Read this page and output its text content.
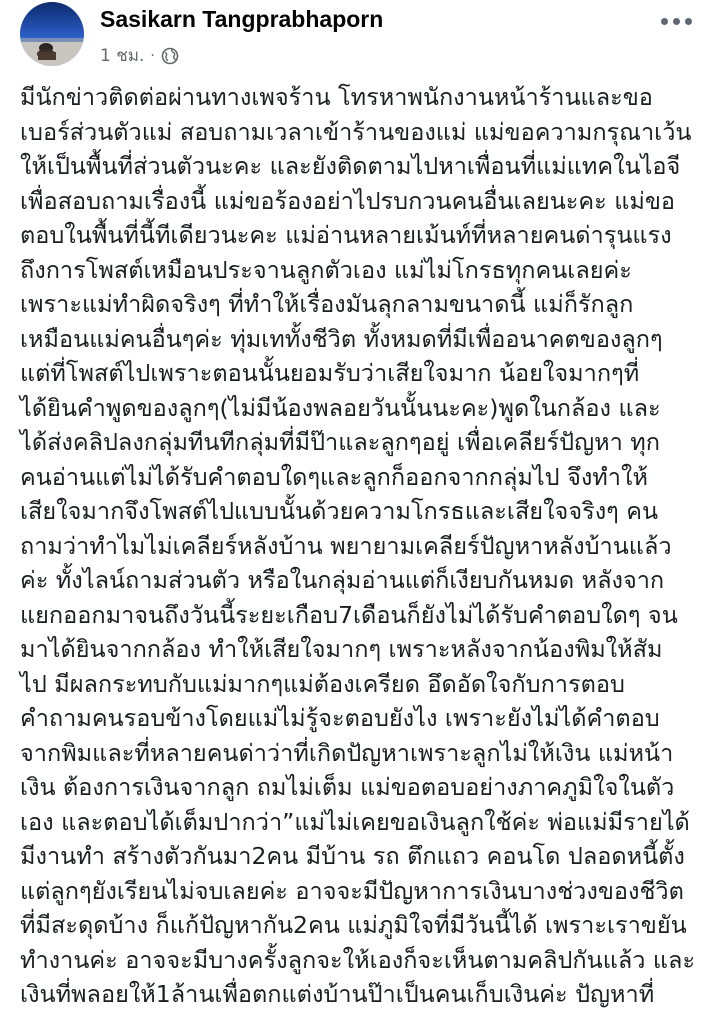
Sasikarn Tangprabhaporn
1 ชม. ·
มีนักข่าวติดต่อผ่านทางเพจร้าน โทรหาพนักงานหน้าร้านและขอ
เบอร์ส่วนตัวแม่ สอบถามเวลาเข้าร้านของแม่ แม่ขอความกรุณาเว้น
ให้เป็นพื้นที่ส่วนตัวนะคะ และยังติดตามไปหาเพื่อนที่แม่แทคในไอจี
เพื่อสอบถามเรื่องนี้ แม่ขอร้องอย่าไปรบกวนคนอื่นเลยนะคะ แม่ขอ
ตอบในพื้นที่นี้ทีเดียวนะคะ แม่อ่านหลายเม้นท์ที่หลายคนด่ารุนแรง
ถึงการโพสต์เหมือนประจานลูกตัวเอง แม่ไม่โกรธทุกคนเลยค่ะ
เพราะแม่ทำผิดจริงๆ ที่ทำให้เรื่องมันลุกลามขนาดนี้ แม่ก็รักลูก
เหมือนแม่คนอื่นๆค่ะ ทุ่มเททั้งชีวิต ทั้งหมดที่มีเพื่ออนาคตของลูกๆ
แต่ที่โพสต์ไปเพราะตอนนั้นยอมรับว่าเสียใจมาก น้อยใจมากๆที่
ได้ยินคำพูดของลูกๆ(ไม่มีน้องพลอยวันนั้นนะคะ)พูดในกล้อง และ
ได้ส่งคลิปลงกลุ่มทีนทีกลุ่มที่มีป๊าและลูกๆอยู่ เพื่อเคลียร์ปัญหา ทุก
คนอ่านแต่ไม่ได้รับคำตอบใดๆและลูกก็ออกจากกลุ่มไป จึงทำให้
เสียใจมากจึงโพสต์ไปแบบนั้นด้วยความโกรธและเสียใจจริงๆ คน
ถามว่าทำไมไม่เคลียร์หลังบ้าน พยายามเคลียร์ปัญหาหลังบ้านแล้ว
ค่ะ ทั้งไลน์ถามส่วนตัว หรือในกลุ่มอ่านแต่ก็เงียบกันหมด หลังจาก
แยกออกมาจนถึงวันนี้ระยะเกือบ7เดือนก็ยังไม่ได้รับคำตอบใดๆ จน
มาได้ยินจากกล้อง ทำให้เสียใจมากๆ เพราะหลังจากน้องพิมให้สัม
ไป มีผลกระทบกับแม่มากๆแม่ต้องเครียด อึดอัดใจกับการตอบ
คำถามคนรอบข้างโดยแม่ไม่รู้จะตอบยังไง เพราะยังไม่ได้คำตอบ
จากพิมและที่หลายคนด่าว่าที่เกิดปัญหาเพราะลูกไม่ให้เงิน แม่หน้า
เงิน ต้องการเงินจากลูก ถมไม่เต็ม แม่ขอตอบอย่างภาคภูมิใจในตัว
เอง และตอบได้เต็มปากว่า”แม่ไม่เคยขอเงินลูกใช้ค่ะ พ่อแม่มีรายได้
มีงานทำ สร้างตัวกันมา2คน มีบ้าน รถ ตึกแถว คอนโด ปลอดหนี้ตั้ง
แต่ลูกๆยังเรียนไม่จบเลยค่ะ อาจจะมีปัญหาการเงินบางช่วงของชีวิต
ที่มีสะดุดบ้าง ก็แก้ปัญหากัน2คน แม่ภูมิใจที่มีวันนี้ได้ เพราะเราขยัน
ทำงานค่ะ อาจจะมีบางครั้งลูกจะให้เองก็จะเห็นตามคลิปกันแล้ว และ
เงินที่พลอยให้1ล้านเพื่อตกแต่งบ้านป๊าเป็นคนเก็บเงินค่ะ ปัญหาที่
